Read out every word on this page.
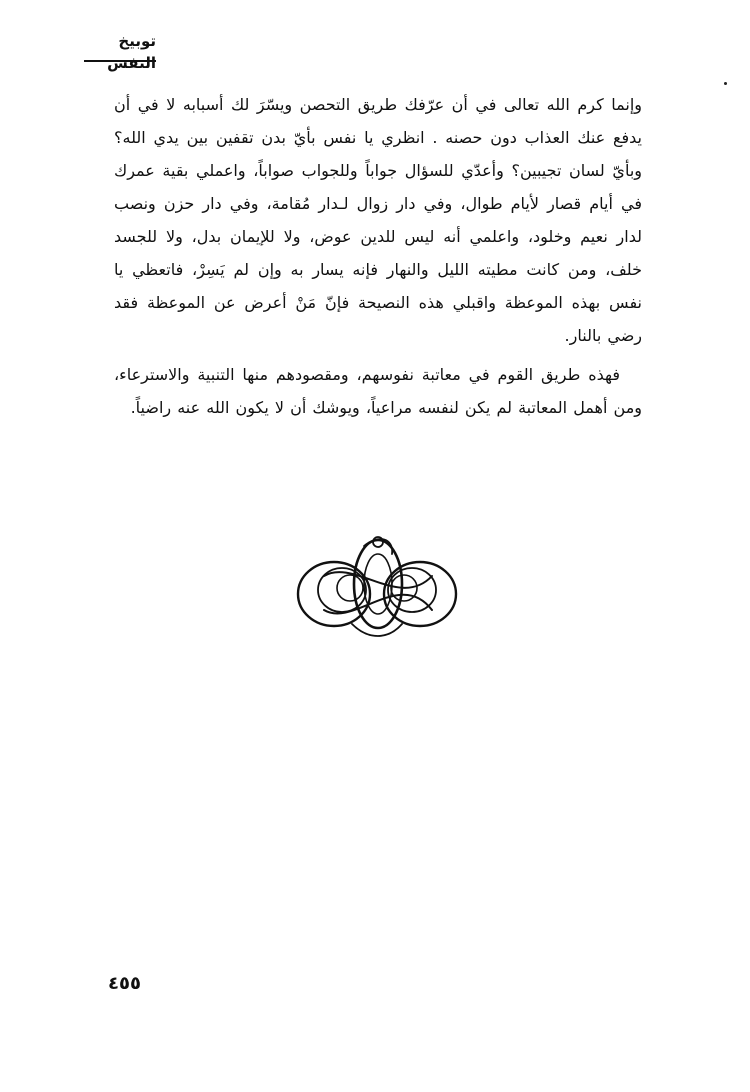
توبيخ النفس

وإنما كرم الله تعالى في أن عرّفك طريق التحصن ويسّرَ لك أسبابه لا في أن يدفع عنك العذاب دون حصنه . انظري يا نفس بأيّ بدن تقفين بين يدي الله؟ وبأيّ لسان تجيبين؟ وأعدّي للسؤال جواباً وللجواب صواباً، واعملي بقية عمرك في أيام قصار لأيام طوال، وفي دار زوال لـدار مُقامة، وفي دار حزن ونصب لدار نعيم وخلود، واعلمي أنه ليس للدين عوض، ولا للإيمان بدل، ولا للجسد خلف، ومن كانت مطيته الليل والنهار فإنه يسار به وإن لم يَسِرْ، فاتعظي يا نفس بهذه الموعظة واقبلي هذه النصيحة فإنّ مَنْ أعرض عن الموعظة فقد رضي بالنار.

فهذه طريق القوم في معاتبة نفوسهم، ومقصودهم منها التنبية والاسترعاء، ومن أهمل المعاتبة لم يكن لنفسه مراعياً، ويوشك أن لا يكون الله عنه راضياً.

٤٥٥
